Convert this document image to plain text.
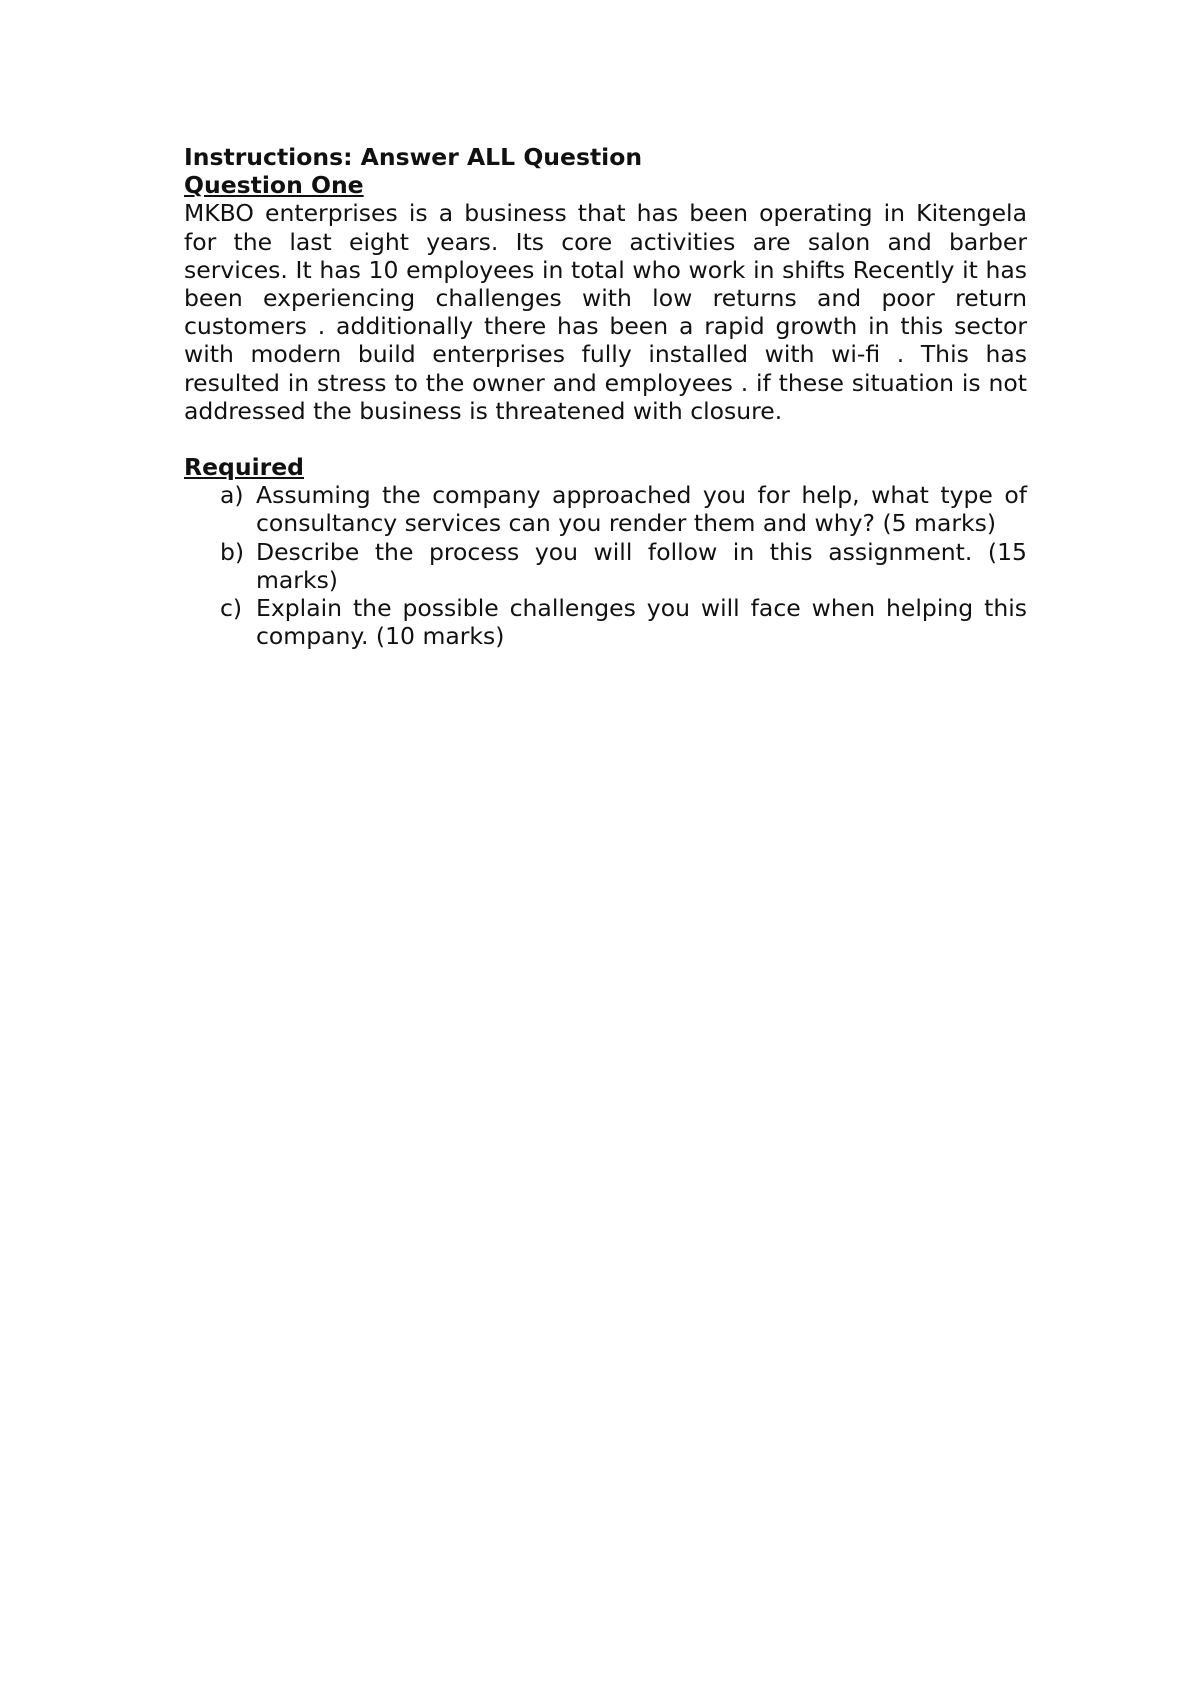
Instructions: Answer ALL Question

Question One

MKBO enterprises is a business that has been operating in Kitengela for the last eight years. Its core activities are salon and barber services. It has 10 employees in total who work in shifts Recently it has been experiencing challenges with low returns and poor return customers . additionally there has been a rapid growth in this sector with modern build enterprises fully installed with wi-fi . This has resulted in stress to the owner and employees . if these situation is not addressed the business is threatened with closure.

Required

a) Assuming the company approached you for help, what type of consultancy services can you render them and why? (5 marks)
b) Describe the process you will follow in this assignment. (15 marks)
c) Explain the possible challenges you will face when helping this company. (10 marks)
